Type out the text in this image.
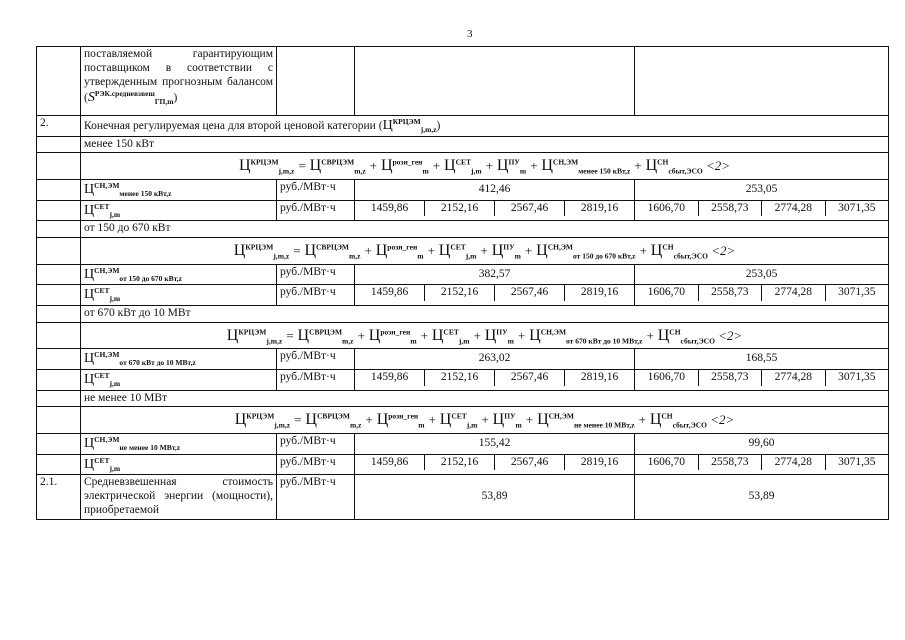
3
	поставляемой гарантирующим поставщиком в соответствии с утвержденным прогнозным балансом $(S^{РЭК.средневзвеш}_{ГП,m})$			
2.	Конечная регулируемая цена для второй ценовой категории $(Ц^{КРЦЭМ}_{j,m,z})$			
	менее 150 кВт			
	$Ц^{КРЦЭМ}_{j,m,z} = Ц^{СВРЦЭМ}_{m,z} + Ц^{розн\_ген}_m + Ц^{СЕТ}_{j,m} + Ц^{ПУ}_m + Ц^{СН,ЭМ}_{менее 150 кВт,z} + Ц^{СН}_{сбыт,ЭСО} <2>$			
	$Ц^{СН,ЭМ}_{менее 150 кВт,z}$	руб./МВт·ч	412,46	253,05
	$Ц^{СЕТ}_{j,m}$	руб./МВт·ч	1459,86 2152,16 2567,46 2819,16	1606,70 2558,73 2774,28 3071,35

	от 150 до 670 кВт			
	$Ц^{КРЦЭМ}_{j,m,z} = Ц^{СВРЦЭМ}_{m,z} + Ц^{розн\_ген}_m + Ц^{СЕТ}_{j,m} + Ц^{ПУ}_m + Ц^{СН,ЭМ}_{от 150 до 670 кВт,z} + Ц^{СН}_{сбыт,ЭСО} <2>$			
	$Ц^{СН,ЭМ}_{от 150 до 670 кВт,z}$	руб./МВт·ч	382,57	253,05
	$Ц^{СЕТ}_{j,m}$	руб./МВт·ч	1459,86 2152,16 2567,46 2819,16	1606,70 2558,73 2774,28 3071,35

	от 670 кВт до 10 МВт			
	$Ц^{КРЦЭМ}_{j,m,z} = Ц^{СВРЦЭМ}_{m,z} + Ц^{розн\_ген}_m + Ц^{СЕТ}_{j,m} + Ц^{ПУ}_m + Ц^{СН,ЭМ}_{от 670 кВт до 10 МВт,z} + Ц^{СН}_{сбыт,ЭСО} <2>$			
	$Ц^{СН,ЭМ}_{от 670 кВт до 10 МВт,z}$	руб./МВт·ч	263,02	168,55
	$Ц^{СЕТ}_{j,m}$	руб./МВт·ч	1459,86 2152,16 2567,46 2819,16	1606,70 2558,73 2774,28 3071,35

	не менее 10 МВт			
	$Ц^{КРЦЭМ}_{j,m,z} = Ц^{СВРЦЭМ}_{m,z} + Ц^{розн\_ген}_m + Ц^{СЕТ}_{j,m} + Ц^{ПУ}_m + Ц^{СН,ЭМ}_{не менее 10 МВт,z} + Ц^{СН}_{сбыт,ЭСО} <2>$			
	$Ц^{СН,ЭМ}_{не менее 10 МВт,z}$	руб./МВт·ч	155,42	99,60
	$Ц^{СЕТ}_{j,m}$	руб./МВт·ч	1459,86 2152,16 2567,46 2819,16	1606,70 2558,73 2774,28 3071,35

2.1.	Средневзвешенная стоимость электрической энергии (мощности), приобретаемой	руб./МВт·ч	53,89	53,89
